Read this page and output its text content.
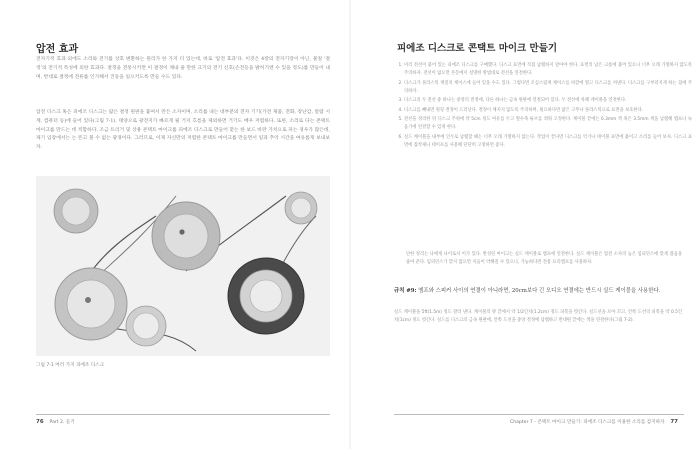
압전 효과
전자기적 효과 외에도 소리와 전기를 상호 변환하는 원리가 한 가지 더 있는데, 바로 '압전 효과'다. 이것은 4장의 전자기장이 아닌, 물질 '결정'의 전기적 특성에 의한 효과다. 결정을 전통시키면 이 결정이 채내 줄 만한 크기의 전기 신호(손전등을 밝히기엔 수 있을 정도)를 만들어 내며, 반대로 결정에 전류를 인가해서 진동을 일으키도록 만들 수도 있다.
압전 디스크 혹은 피에조 디스크는 얇은 결정 원판을 붙여서 만든 소자이며, 소리를 내는 대부분의 전자 기기(가전 제품, 전화, 장난감, 알람 시계, 컴퓨터 등)에 들어 있다(그림 7-1). 태양으로 광전지가 빠르게 될 거지 흐름을 제외하면 거기도 매우 저렴하다. 또한, 소리로 다는 콘택트 마이크를 만드는 데 적합하다. 조금 트리거 및 상용 콘택트 마이크를 피에조 디스크로 만들어 맞는 한 보드 바란 가치으로 파는 경우가 많은데, 제기 입장에서는 는 뜬고 볼 수 없는 광경이다. 그러므로, 이제 자신만의 저렴한 콘택트 마이크를 만들면서 일과 추억 시간을 여유롭게 보내보자.
그림 7-1 여러 가지 피에조 디스크
76 Part 2. 듣기
피에조 디스크로 콘택트 마이크 만들기
1. 미리 전선이 붙어 있는 피에조 디스크를 구매했다. 디스크 표면에 직접 납땜하지 말아야 한다. 표면의 납은 크롬에 붙어 있으니 너무 오래 가열하지 않도록 주의하자. 전선이 없으면 본문에서 설명한 방법대로 전선을 연결한다.
2. 디스크가 플라스틱 재질의 케이스에 들어 있을 수도 있다. 그렇다면 조심스럽게 케이스를 바깥에 열고 디스크를 꺼낸다. 디스크를 구부러지게 하는 힘에 주의하자.
3. 디스크의 두 전선 중 하나는 중앙의 결정에, 다른 하나는 금속 원판에 연결되어 있다. 두 전선에 차폐 케이블을 연결한다.
4. 디스크를 빼내면 원형 결정이 드러난다. 결정이 깨지지 않도록 주의하며, 필요하다면 얇은 고무나 플라스틱으로 표면을 보호한다.
5. 전선을 정리한 뒤 디스크 주위에 약 5cm 정도 여유를 두고 열수축 튜브를 씌워 고정한다. 케이블 끝에는 6.3mm 잭 혹은 3.5mm 잭을 납땜해 앰프나 녹음기에 연결할 수 있게 한다.
6. 실드 케이블을 내부에 인두로 납땜할 때는 너무 오래 가열하지 않는다. 작업이 끝나면 디스크를 악기나 테이블 표면에 붙이고 소리를 들어 보자. 디스크 표면에 접착제나 테이프를 사용해 단단히 고정하면 좋다.
단한 정리는 나에게 나이로서 이가 있다. 완성된 마이크는 실드 케이블로 앰프에 연결한다. 실드 케이블은 압전 소자의 높은 임피던스에 맞게 잡음을 줄여 준다. 임피던스가 맞지 않으면 저음이 약해질 수 있으니, 가능하다면 전용 프리앰프를 사용하자.
규칙 #9: 엠프와 스피커 사이의 연결이 아니라면, 20cm보다 긴 오디오 연결에는 반드시 실드 케이블을 사용한다.
실드 케이블을 5ft(1.5m) 정도 잘라 낸다. 케이블의 양 끝에서 약 1/2인치(1.2cm) 정도 피복을 벗긴다. 실드선을 모아 꼬고, 안쪽 도선의 피복을 약 0.5인치(1cm) 정도 벗긴다. 실드를 디스크의 금속 원판에, 안쪽 도선을 중앙 결정에 납땜하고 반대편 끝에는 잭을 연결한다(그림 7-2).
Chapter 7 - 콘택트 마이크 만들기: 피에조 디스크를 이용한 소리를 감지하자 77
